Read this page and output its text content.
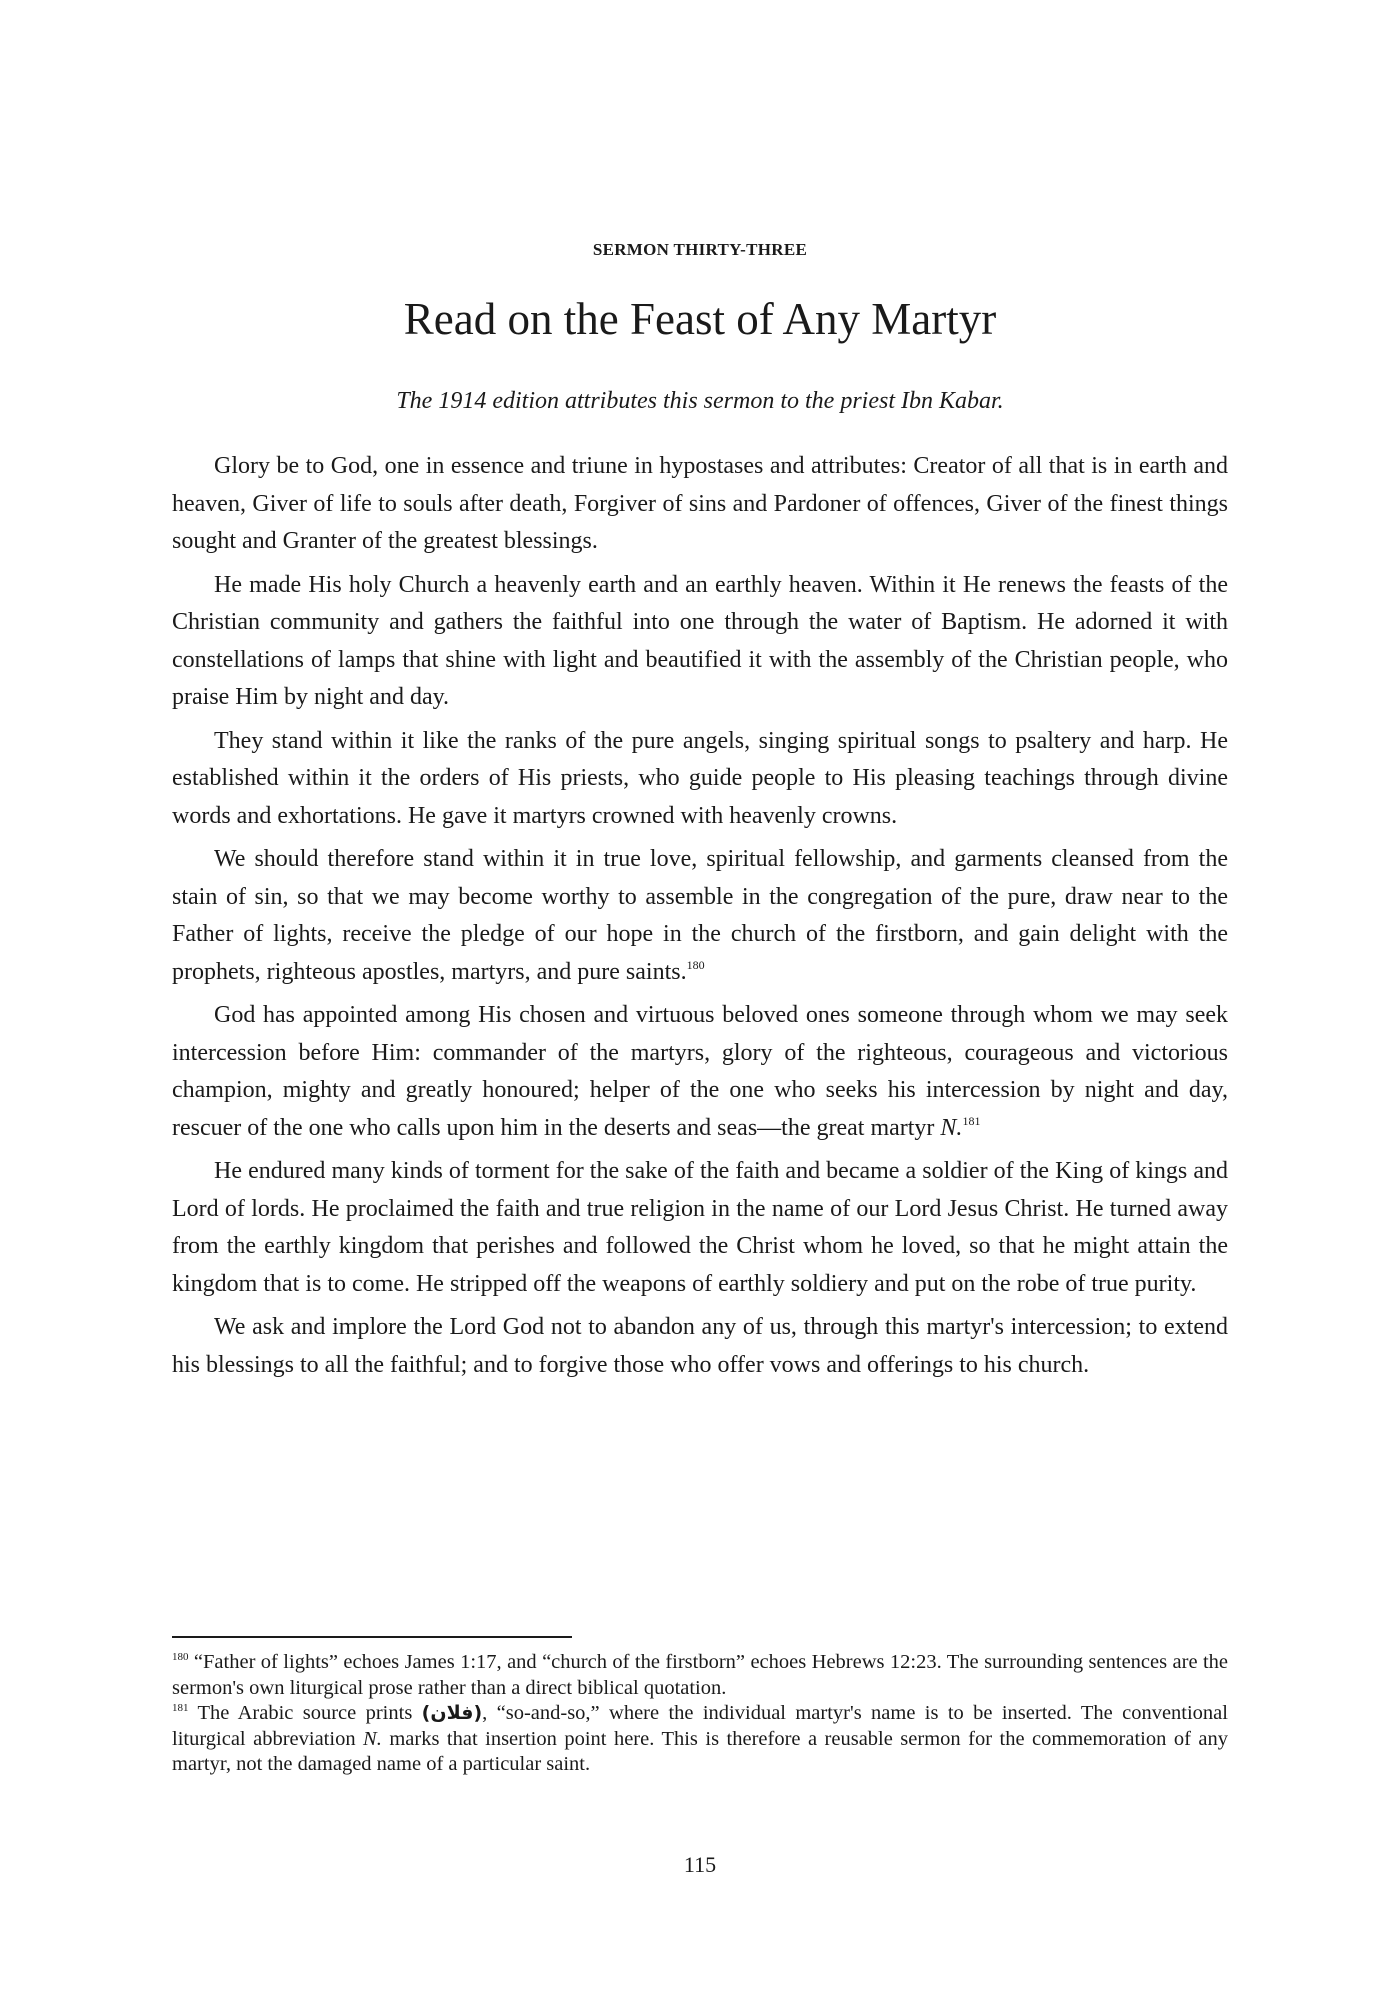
SERMON THIRTY-THREE
Read on the Feast of Any Martyr
The 1914 edition attributes this sermon to the priest Ibn Kabar.

Glory be to God, one in essence and triune in hypostases and attributes: Creator of all that is in earth and heaven, Giver of life to souls after death, Forgiver of sins and Pardoner of offences, Giver of the finest things sought and Granter of the greatest blessings.

He made His holy Church a heavenly earth and an earthly heaven. Within it He renews the feasts of the Christian community and gathers the faithful into one through the water of Baptism. He adorned it with constellations of lamps that shine with light and beautified it with the assembly of the Christian people, who praise Him by night and day.

They stand within it like the ranks of the pure angels, singing spiritual songs to psaltery and harp. He established within it the orders of His priests, who guide people to His pleasing teachings through divine words and exhortations. He gave it martyrs crowned with heavenly crowns.

We should therefore stand within it in true love, spiritual fellowship, and garments cleansed from the stain of sin, so that we may become worthy to assemble in the congregation of the pure, draw near to the Father of lights, receive the pledge of our hope in the church of the firstborn, and gain delight with the prophets, righteous apostles, martyrs, and pure saints.$^{180}$

God has appointed among His chosen and virtuous beloved ones someone through whom we may seek intercession before Him: commander of the martyrs, glory of the righteous, courageous and victorious champion, mighty and greatly honoured; helper of the one who seeks his intercession by night and day, rescuer of the one who calls upon him in the deserts and seas—the great martyr N.$^{181}$

He endured many kinds of torment for the sake of the faith and became a soldier of the King of kings and Lord of lords. He proclaimed the faith and true religion in the name of our Lord Jesus Christ. He turned away from the earthly kingdom that perishes and followed the Christ whom he loved, so that he might attain the kingdom that is to come. He stripped off the weapons of earthly soldiery and put on the robe of true purity.

We ask and implore the Lord God not to abandon any of us, through this martyr's intercession; to extend his blessings to all the faithful; and to forgive those who offer vows and offerings to his church.

$^{180}$ “Father of lights” echoes James 1:17, and “church of the firstborn” echoes Hebrews 12:23. The surrounding sentences are the sermon's own liturgical prose rather than a direct biblical quotation.

$^{181}$ The Arabic source prints (فلان), “so-and-so,” where the individual martyr's name is to be inserted. The conventional liturgical abbreviation N. marks that insertion point here. This is therefore a reusable sermon for the commemoration of any martyr, not the damaged name of a particular saint.

115
